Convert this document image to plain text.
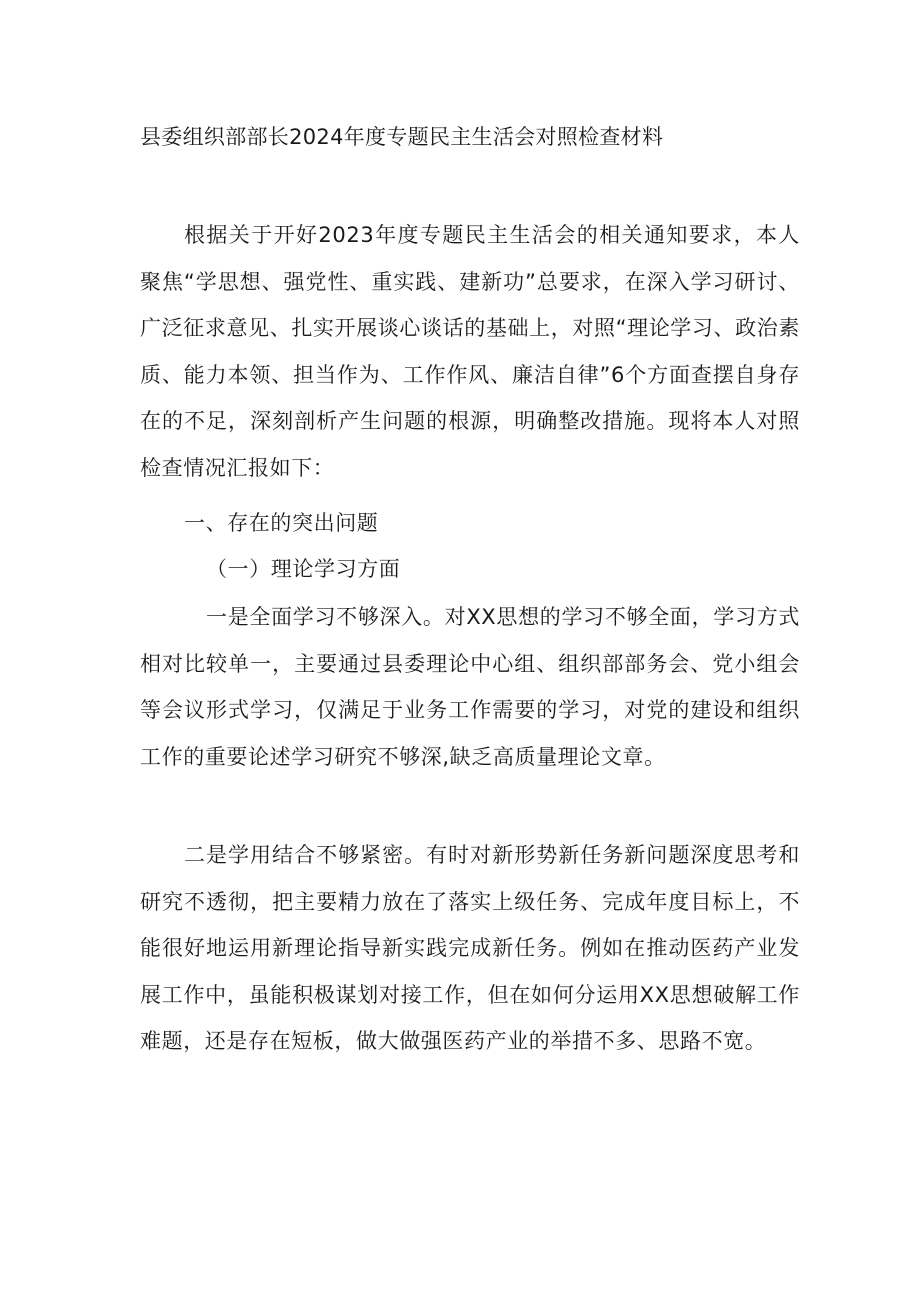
县委组织部部长2024年度专题民主生活会对照检查材料

根据关于开好2023年度专题民主生活会的相关通知要求，本人聚焦“学思想、强党性、重实践、建新功”总要求，在深入学习研讨、广泛征求意见、扎实开展谈心谈话的基础上，对照“理论学习、政治素质、能力本领、担当作为、工作作风、廉洁自律”6个方面查摆自身存在的不足，深刻剖析产生问题的根源，明确整改措施。现将本人对照检查情况汇报如下：

一、存在的突出问题
（一）理论学习方面

一是全面学习不够深入。对XX思想的学习不够全面，学习方式相对比较单一，主要通过县委理论中心组、组织部部务会、党小组会等会议形式学习，仅满足于业务工作需要的学习，对党的建设和组织工作的重要论述学习研究不够深,缺乏高质量理论文章。

二是学用结合不够紧密。有时对新形势新任务新问题深度思考和研究不透彻，把主要精力放在了落实上级任务、完成年度目标上，不能很好地运用新理论指导新实践完成新任务。例如在推动医药产业发展工作中，虽能积极谋划对接工作，但在如何分运用XX思想破解工作难题，还是存在短板，做大做强医药产业的举措不多、思路不宽。
